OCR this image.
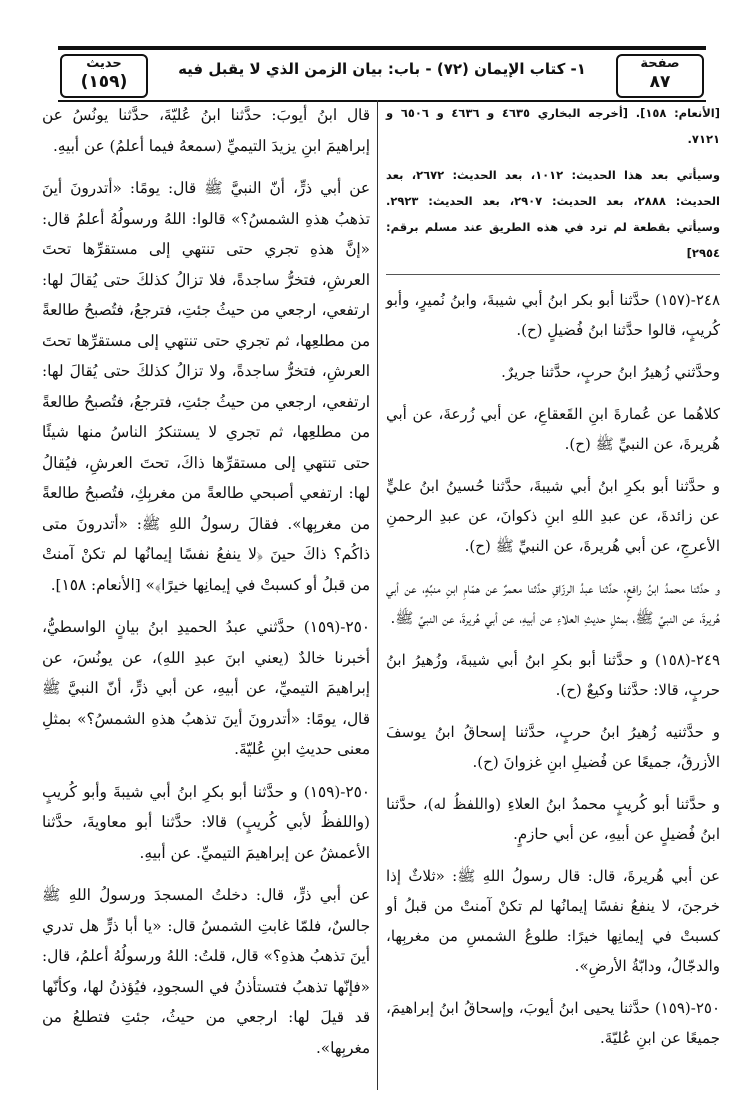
صفحة
٨٧
١- كتاب الإيمان (٧٢) - باب: بيان الزمن الذي لا يقبل فيه
حديث
(١٥٩)

[الأنعام: ١٥٨]. [أخرجه البخاري ٤٦٣٥ و ٤٦٣٦ و ٦٥٠٦ و ٧١٢١.

وسيأتي بعد هذا الحديث: ١٠١٢، بعد الحديث: ٢٦٧٢، بعد الحديث: ٢٨٨٨، بعد الحديث: ٢٩٠٧، بعد الحديث: ٢٩٢٣. وسيأتي بقطعة لم ترد في هذه الطريق عند مسلم برقم: ٢٩٥٤]

٢٤٨-(١٥٧) حدَّثنا أبو بكر ابنُ أبي شيبةَ، وابنُ نُميرٍ، وأبو كُريبٍ، قالوا حدَّثنا ابنُ فُضيلٍ (ح).

وحدَّثني زُهيرُ ابنُ حربٍ، حدَّثنا جريرٌ.

كلاهُما عن عُمارةَ ابنِ القَعقاعِ، عن أبي زُرعةَ، عن أبي هُريرةَ، عن النبيِّ ﷺ (ح).

و حدَّثنا أبو بكرِ ابنُ أبي شيبةَ، حدَّثنا حُسينُ ابنُ عليٍّ عن زائدةَ، عن عبدِ اللهِ ابنِ ذكوانَ، عن عبدِ الرحمنِ الأعرجِ، عن أبي هُريرةَ، عن النبيِّ ﷺ (ح).

و حدَّثنا محمدُ ابنُ رافعٍ، حدَّثنا عبدُ الرزّاقِ حدَّثنا معمرٌ عن همّامِ ابنِ منبِّهٍ، عن أبي هُريرةَ، عن النبيِّ ﷺ، بمثلِ حديثِ العلاءِ عن أبيهِ، عن أبي هُريرةَ، عن النبيِّ ﷺ.

٢٤٩-(١٥٨) و حدَّثنا أبو بكرِ ابنُ أبي شيبةَ، وزُهيرُ ابنُ حربٍ، قالا: حدَّثنا وكيعٌ (ح).

و حدَّثنيه زُهيرُ ابنُ حربٍ، حدَّثنا إسحاقُ ابنُ يوسفَ الأزرقُ، جميعًا عن فُضيلِ ابنِ غزوانَ (ح).

و حدَّثنا أبو كُريبٍ محمدُ ابنُ العلاءِ (واللفظُ له)، حدَّثنا ابنُ فُضيلٍ عن أبيهِ، عن أبي حازمٍ.

عن أبي هُريرةَ، قال: قال رسولُ اللهِ ﷺ: «ثلاثٌ إذا خرجنَ، لا ينفعُ نفسًا إيمانُها لم تكنْ آمنتْ من قبلُ أو كسبتْ في إيمانِها خيرًا: طلوعُ الشمسِ من مغربِها، والدجّالُ، ودابّةُ الأرضِ».

٢٥٠-(١٥٩) حدَّثنا يحيى ابنُ أيوبَ، وإسحاقُ ابنُ إبراهيمَ، جميعًا عن ابنِ عُليّةَ.

قال ابنُ أيوبَ: حدَّثنا ابنُ عُليّةَ، حدَّثنا يونُسُ عن إبراهيمَ ابنِ يزيدَ التيميِّ (سمعهُ فيما أعلمُ) عن أبيهِ.

عن أبي ذرٍّ، أنّ النبيَّ ﷺ قال: يومًا: «أتدرونَ أينَ تذهبُ هذهِ الشمسُ؟» قالوا: اللهُ ورسولُهُ أعلمُ قال: «إنَّ هذهِ تجري حتى تنتهي إلى مستقرِّها تحتَ العرشِ، فتخرُّ ساجدةً، فلا تزالُ كذلكَ حتى يُقالَ لها: ارتفعي، ارجعي من حيثُ جئتِ، فترجعُ، فتُصبحُ طالعةً من مطلعِها، ثم تجري حتى تنتهي إلى مستقرِّها تحتَ العرشِ، فتخرُّ ساجدةً، ولا تزالُ كذلكَ حتى يُقالَ لها: ارتفعي، ارجعي من حيثُ جئتِ، فترجعُ، فتُصبحُ طالعةً من مطلعِها، ثم تجري لا يستنكرُ الناسُ منها شيئًا حتى تنتهي إلى مستقرِّها ذاكَ، تحتَ العرشِ، فيُقالُ لها: ارتفعي أصبحي طالعةً من مغربِكِ، فتُصبحُ طالعةً من مغربِها». فقالَ رسولُ اللهِ ﷺ: «أتدرونَ متى ذاكُم؟ ذاكَ حينَ ﴿لا ينفعُ نفسًا إيمانُها لم تكنْ آمنتْ من قبلُ أو كسبتْ في إيمانِها خيرًا﴾» [الأنعام: ١٥٨].

٢٥٠-(١٥٩) حدَّثني عبدُ الحميدِ ابنُ بيانٍ الواسطيُّ، أخبرنا خالدٌ (يعني ابنَ عبدِ اللهِ)، عن يونُسَ، عن إبراهيمَ التيميِّ، عن أبيهِ، عن أبي ذرٍّ، أنّ النبيَّ ﷺ قال، يومًا: «أتدرونَ أينَ تذهبُ هذهِ الشمسُ؟» بمثلِ معنى حديثِ ابنِ عُليّةَ.

٢٥٠-(١٥٩) و حدَّثنا أبو بكرِ ابنُ أبي شيبةَ وأبو كُريبٍ (واللفظُ لأبي كُريبٍ) قالا: حدَّثنا أبو معاويةَ، حدَّثنا الأعمشُ عن إبراهيمَ التيميِّ. عن أبيهِ.

عن أبي ذرٍّ، قال: دخلتُ المسجدَ ورسولُ اللهِ ﷺ جالسٌ، فلمّا غابتِ الشمسُ قال: «يا أبا ذرٍّ هل تدري أينَ تذهبُ هذهِ؟» قال، قلتُ: اللهُ ورسولُهُ أعلمُ، قال: «فإنّها تذهبُ فتستأذنُ في السجودِ، فيُؤذنُ لها، وكأنّها قد قيلَ لها: ارجعي من حيثُ، جئتِ فتطلعُ من مغربِها».
